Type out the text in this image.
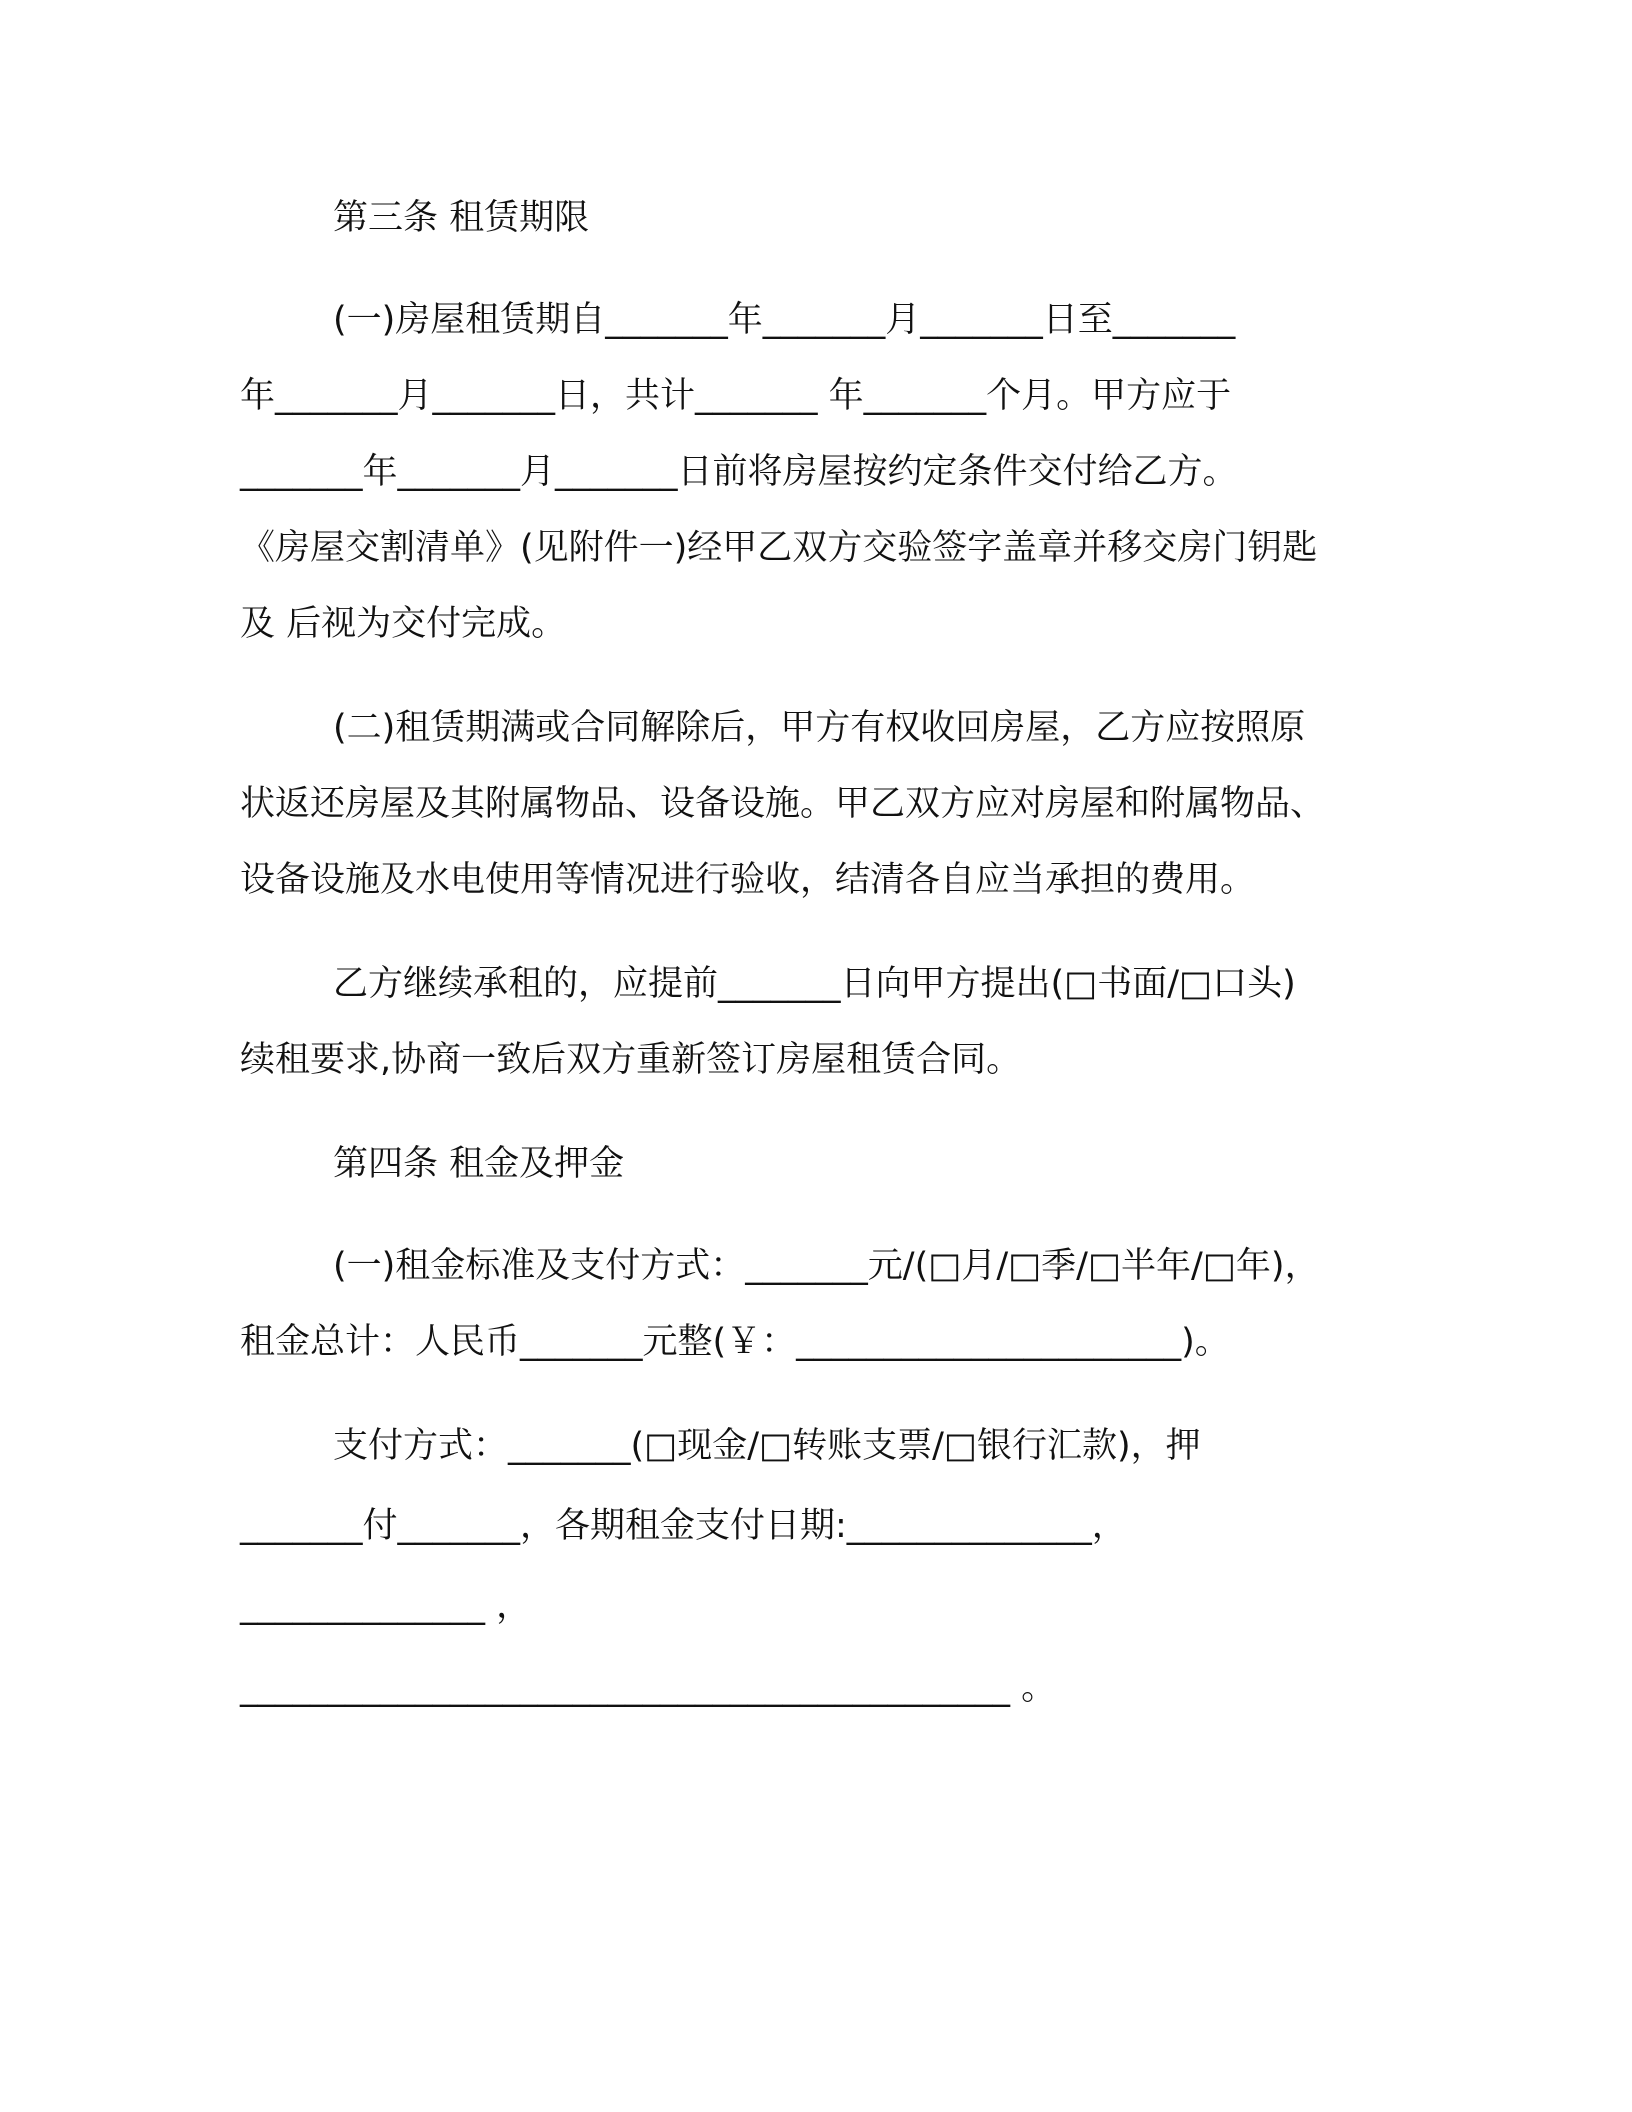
第三条 租赁期限
(一)房屋租赁期自_______年_______月_______日至_______
年_______月_______日，共计_______ 年_______个月。甲方应于
_______年_______月_______日前将房屋按约定条件交付给乙方。
《房屋交割清单》(见附件一)经甲乙双方交验签字盖章并移交房门钥匙
及 后视为交付完成。
(二)租赁期满或合同解除后，甲方有权收回房屋，乙方应按照原
状返还房屋及其附属物品、设备设施。甲乙双方应对房屋和附属物品、
设备设施及水电使用等情况进行验收，结清各自应当承担的费用。
乙方继续承租的，应提前_______日向甲方提出(□书面/□口头)
续租要求,协商一致后双方重新签订房屋租赁合同。
第四条 租金及押金
(一)租金标准及支付方式：_______元/(□月/□季/□半年/□年)，
租金总计：人民币_______元整(￥：______________________)。
支付方式：_______(□现金/□转账支票/□银行汇款)，押
_______付_______，各期租金支付日期:______________，
______________ ，
____________________________________________ 。
